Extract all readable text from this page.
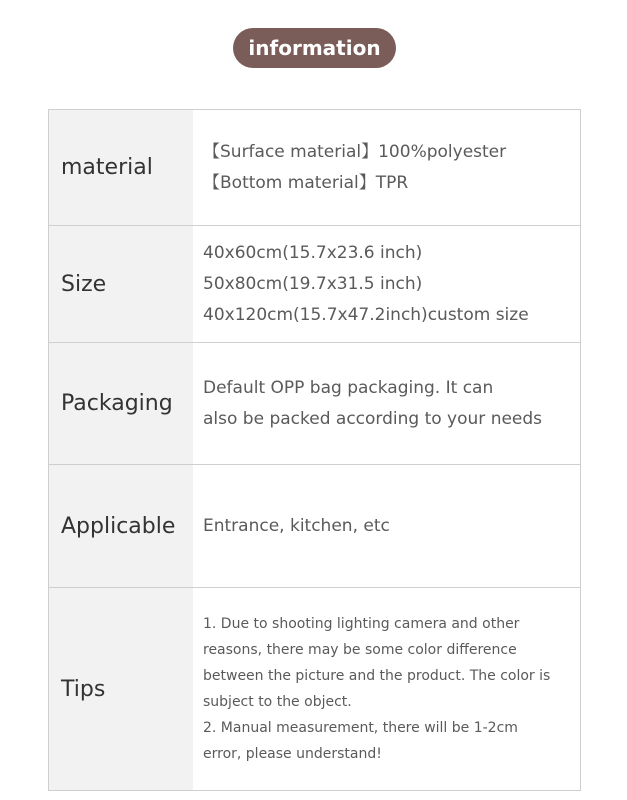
information
material
【Surface material】100%polyester
【Bottom material】TPR
Size
40x60cm(15.7x23.6 inch)
50x80cm(19.7x31.5 inch)
40x120cm(15.7x47.2inch)custom size
Packaging
Default OPP bag packaging. It can
also be packed according to your needs
Applicable	Entrance, kitchen, etc
Tips
1. Due to shooting lighting camera and other
reasons, there may be some color difference
between the picture and the product. The color is
subject to the object.
2. Manual measurement, there will be 1-2cm
error, please understand!
